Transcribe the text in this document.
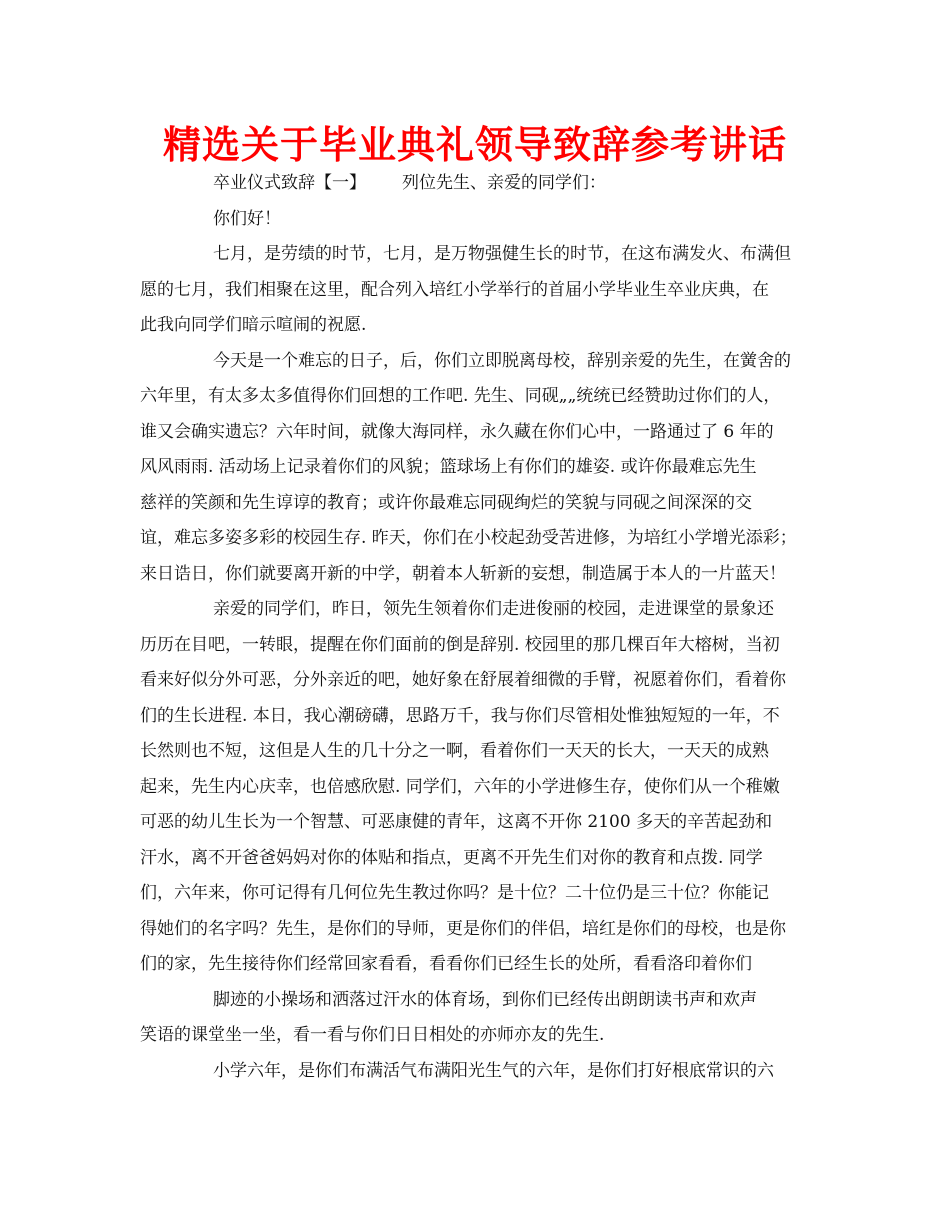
精选关于毕业典礼领导致辞参考讲话
卒业仪式致辞【一】 列位先生、亲爱的同学们：
你们好！
七月，是劳绩的时节，七月，是万物强健生长的时节，在这布满发火、布满但
愿的七月，我们相聚在这里，配合列入培红小学举行的首届小学毕业生卒业庆典，在
此我向同学们暗示喧闹的祝愿.
今天是一个难忘的日子，后，你们立即脱离母校，辞别亲爱的先生，在黉舍的
六年里，有太多太多值得你们回想的工作吧. 先生、同砚„„统统已经赞助过你们的人，
谁又会确实遗忘？六年时间，就像大海同样，永久藏在你们心中，一路通过了 6 年的
风风雨雨. 活动场上记录着你们的风貌；篮球场上有你们的雄姿. 或许你最难忘先生
慈祥的笑颜和先生谆谆的教育；或许你最难忘同砚绚烂的笑貌与同砚之间深深的交
谊，难忘多姿多彩的校园生存. 昨天，你们在小校起劲受苦进修，为培红小学增光添彩；
来日诰日，你们就要离开新的中学，朝着本人斩新的妄想，制造属于本人的一片蓝天！
亲爱的同学们，昨日，领先生领着你们走进俊丽的校园，走进课堂的景象还
历历在目吧，一转眼，提醒在你们面前的倒是辞别. 校园里的那几棵百年大榕树，当初
看来好似分外可恶，分外亲近的吧，她好象在舒展着细微的手臂，祝愿着你们，看着你
们的生长进程. 本日，我心潮磅礴，思路万千，我与你们尽管相处惟独短短的一年，不
长然则也不短，这但是人生的几十分之一啊，看着你们一天天的长大，一天天的成熟
起来，先生内心庆幸，也倍感欣慰. 同学们，六年的小学进修生存，使你们从一个稚嫩
可恶的幼儿生长为一个智慧、可恶康健的青年，这离不开你 2100 多天的辛苦起劲和
汗水，离不开爸爸妈妈对你的体贴和指点，更离不开先生们对你的教育和点拨. 同学
们，六年来，你可记得有几何位先生教过你吗？是十位？二十位仍是三十位？你能记
得她们的名字吗？先生，是你们的导师，更是你们的伴侣，培红是你们的母校，也是你
们的家，先生接待你们经常回家看看，看看你们已经生长的处所，看看洛印着你们
脚迹的小操场和洒落过汗水的体育场，到你们已经传出朗朗读书声和欢声
笑语的课堂坐一坐，看一看与你们日日相处的亦师亦友的先生.
小学六年，是你们布满活气布满阳光生气的六年，是你们打好根底常识的六
